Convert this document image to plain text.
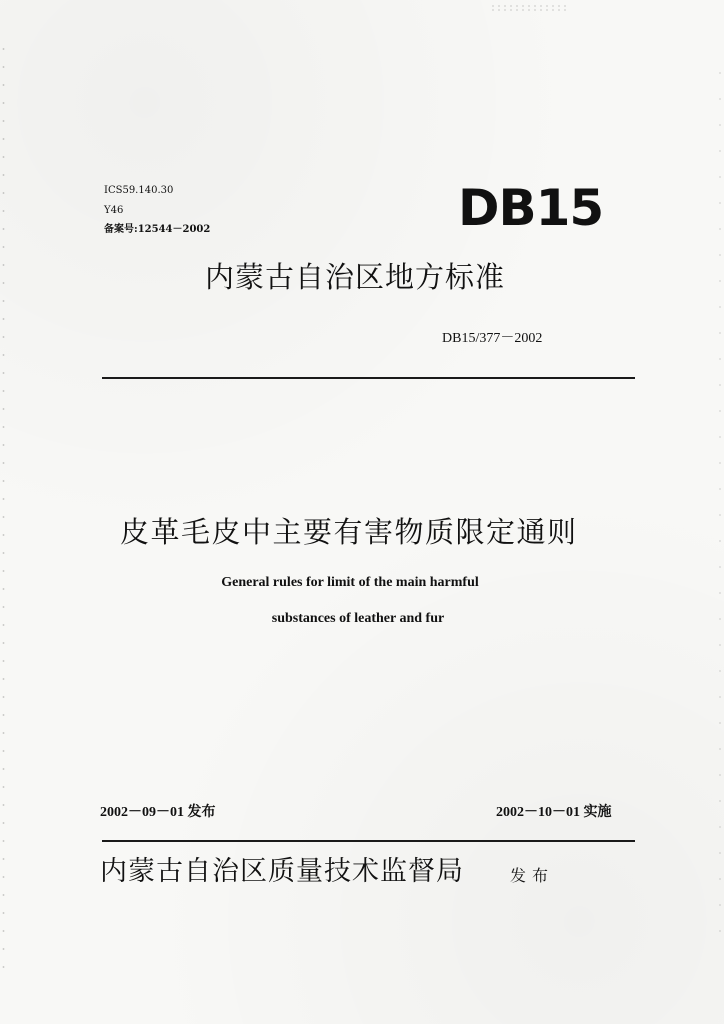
ICS59.140.30
Y46
备案号:12544－2002	DB15
内蒙古自治区地方标准
DB15/377－2002
皮革毛皮中主要有害物质限定通则
General rules for limit of the main harmful
substances of leather and fur
2002－09－01 发布	2002－10－01 实施
内蒙古自治区质量技术监督局	发布
